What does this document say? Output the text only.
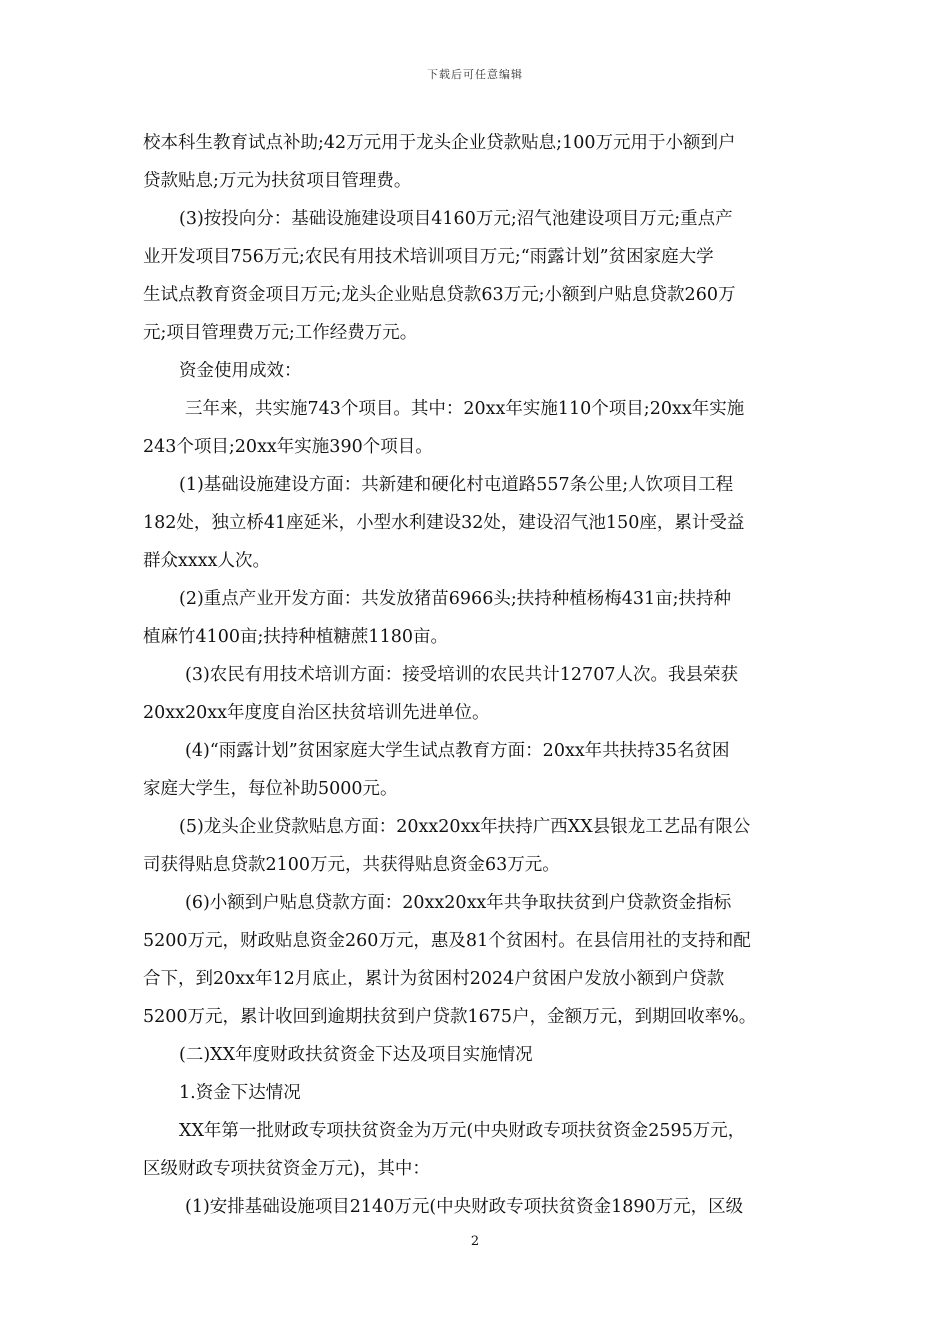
下载后可任意编辑
校本科生教育试点补助;42万元用于龙头企业贷款贴息;100万元用于小额到户
贷款贴息;万元为扶贫项目管理费。
(3)按投向分：基础设施建设项目4160万元;沼气池建设项目万元;重点产
业开发项目756万元;农民有用技术培训项目万元;“雨露计划”贫困家庭大学
生试点教育资金项目万元;龙头企业贴息贷款63万元;小额到户贴息贷款260万
元;项目管理费万元;工作经费万元。
资金使用成效：
三年来，共实施743个项目。其中：20xx年实施110个项目;20xx年实施
243个项目;20xx年实施390个项目。
(1)基础设施建设方面：共新建和硬化村屯道路557条公里;人饮项目工程
182处，独立桥41座延米，小型水利建设32处，建设沼气池150座，累计受益
群众xxxx人次。
(2)重点产业开发方面：共发放猪苗6966头;扶持种植杨梅431亩;扶持种
植麻竹4100亩;扶持种植糖蔗1180亩。
(3)农民有用技术培训方面：接受培训的农民共计12707人次。我县荣获
20xx20xx年度度自治区扶贫培训先进单位。
(4)“雨露计划”贫困家庭大学生试点教育方面：20xx年共扶持35名贫困
家庭大学生，每位补助5000元。
(5)龙头企业贷款贴息方面：20xx20xx年扶持广西XX县银龙工艺品有限公
司获得贴息贷款2100万元，共获得贴息资金63万元。
(6)小额到户贴息贷款方面：20xx20xx年共争取扶贫到户贷款资金指标
5200万元，财政贴息资金260万元，惠及81个贫困村。在县信用社的支持和配
合下，到20xx年12月底止，累计为贫困村2024户贫困户发放小额到户贷款
5200万元，累计收回到逾期扶贫到户贷款1675户，金额万元，到期回收率%。
(二)XX年度财政扶贫资金下达及项目实施情况
1.资金下达情况
XX年第一批财政专项扶贫资金为万元(中央财政专项扶贫资金2595万元，
区级财政专项扶贫资金万元)，其中：
(1)安排基础设施项目2140万元(中央财政专项扶贫资金1890万元，区级
2
